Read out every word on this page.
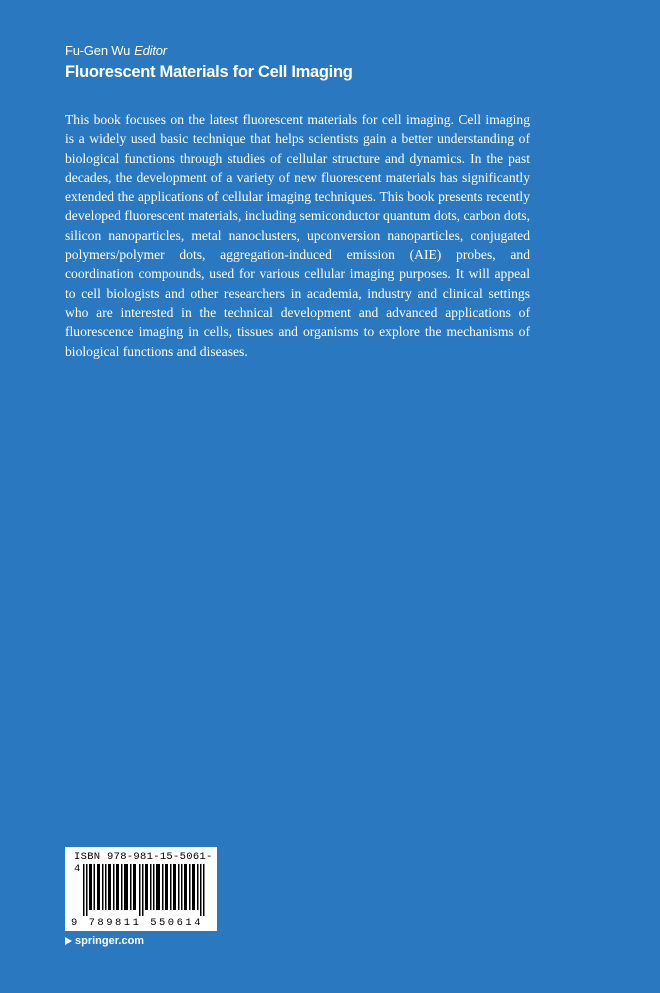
Fu-Gen Wu Editor
Fluorescent Materials for Cell Imaging

This book focuses on the latest fluorescent materials for cell imaging. Cell imaging is a widely used basic technique that helps scientists gain a better understanding of biological functions through studies of cellular structure and dynamics. In the past decades, the development of a variety of new fluorescent materials has significantly extended the applications of cellular imaging techniques. This book presents recently developed fluorescent materials, including semiconductor quantum dots, carbon dots, silicon nanoparticles, metal nanoclusters, upconversion nanoparticles, conjugated polymers/polymer dots, aggregation-induced emission (AIE) probes, and coordination compounds, used for various cellular imaging purposes. It will appeal to cell biologists and other researchers in academia, industry and clinical settings who are interested in the technical development and advanced applications of fluorescence imaging in cells, tissues and organisms to explore the mechanisms of biological functions and diseases.

ISBN 978-981-15-5061-4
9 789811 550614
springer.com
